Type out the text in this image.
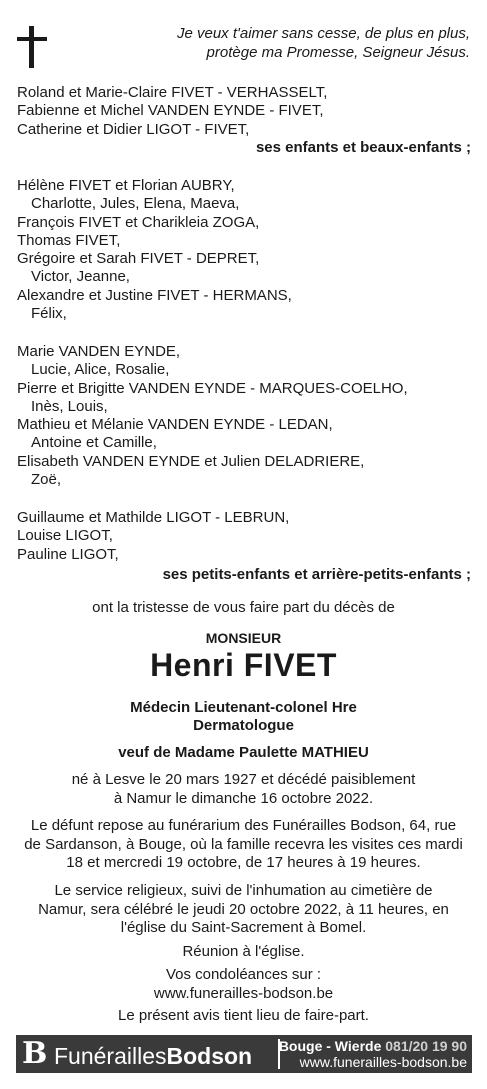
Je veux t'aimer sans cesse, de plus en plus,
protège ma Promesse, Seigneur Jésus.
Roland et Marie-Claire FIVET - VERHASSELT,
Fabienne et Michel VANDEN EYNDE - FIVET,
Catherine et Didier LIGOT - FIVET,
ses enfants et beaux-enfants ;
Hélène FIVET et Florian AUBRY,
Charlotte, Jules, Elena, Maeva,
François FIVET et Charikleia ZOGA,
Thomas FIVET,
Grégoire et Sarah FIVET - DEPRET,
Victor, Jeanne,
Alexandre et Justine FIVET - HERMANS,
Félix,
Marie VANDEN EYNDE,
Lucie, Alice, Rosalie,
Pierre et Brigitte VANDEN EYNDE - MARQUES-COELHO,
Inès, Louis,
Mathieu et Mélanie VANDEN EYNDE - LEDAN,
Antoine et Camille,
Elisabeth VANDEN EYNDE et Julien DELADRIERE,
Zoë,
Guillaume et Mathilde LIGOT - LEBRUN,
Louise LIGOT,
Pauline LIGOT,
ses petits-enfants et arrière-petits-enfants ;
ont la tristesse de vous faire part du décès de
MONSIEUR
Henri FIVET
Médecin Lieutenant-colonel Hre
Dermatologue
veuf de Madame Paulette MATHIEU
né à Lesve le 20 mars 1927 et décédé paisiblement
à Namur le dimanche 16 octobre 2022.
Le défunt repose au funérarium des Funérailles Bodson, 64, rue
de Sardanson, à Bouge, où la famille recevra les visites ces mardi
18 et mercredi 19 octobre, de 17 heures à 19 heures.
Le service religieux, suivi de l'inhumation au cimetière de
Namur, sera célébré le jeudi 20 octobre 2022, à 11 heures, en
l'église du Saint-Sacrement à Bomel.
Réunion à l'église.
Vos condoléances sur :
www.funerailles-bodson.be
Le présent avis tient lieu de faire-part.
B FunéraillesBodson Bouge - Wierde 081/20 19 90
www.funerailles-bodson.be
